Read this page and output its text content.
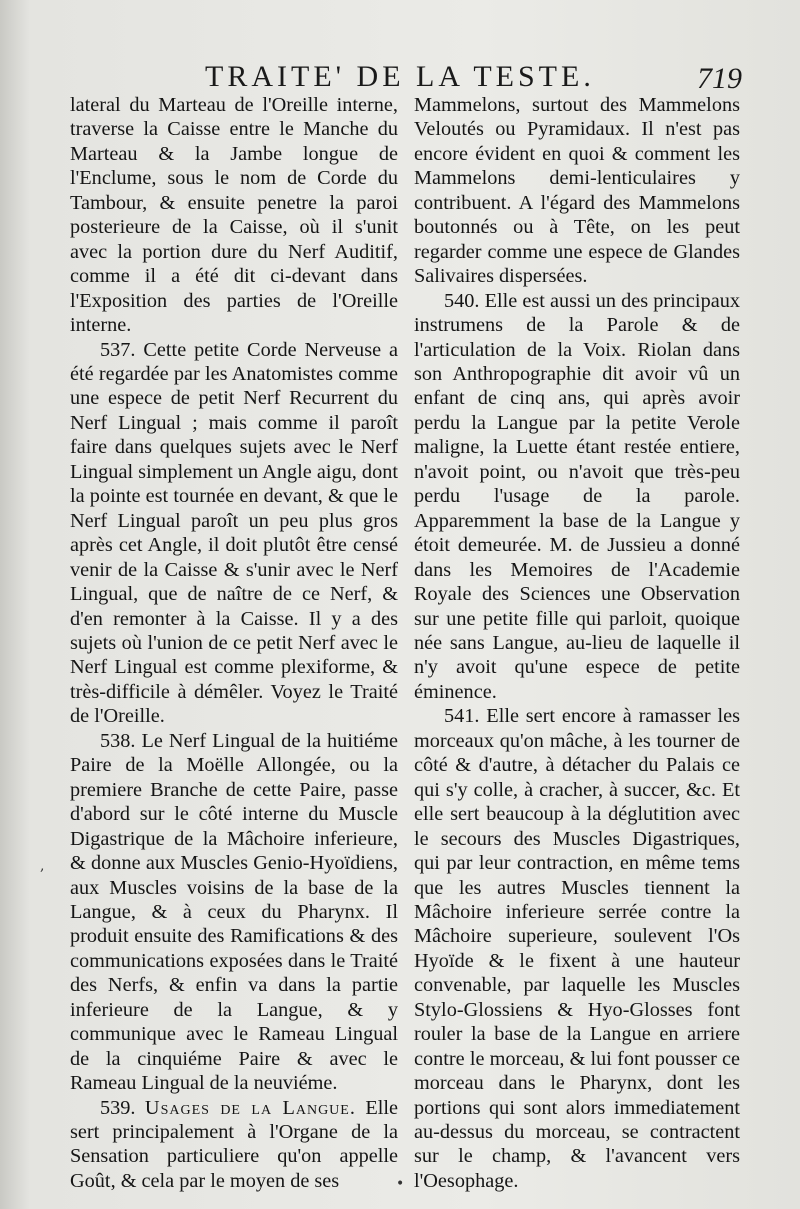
TRAITE' DE LA TESTE.	719

lateral du Marteau de l'Oreille interne, traverse la Caisse entre le Manche du Marteau & la Jambe longue de l'Enclume, sous le nom de Corde du Tambour, & ensuite penetre la paroi posterieure de la Caisse, où il s'unit avec la portion dure du Nerf Auditif, comme il a été dit ci-devant dans l'Exposition des parties de l'Oreille interne.

537. Cette petite Corde Nerveuse a été regardée par les Anatomistes comme une espece de petit Nerf Recurrent du Nerf Lingual ; mais comme il paroît faire dans quelques sujets avec le Nerf Lingual simplement un Angle aigu, dont la pointe est tournée en devant, & que le Nerf Lingual paroît un peu plus gros après cet Angle, il doit plutôt être censé venir de la Caisse & s'unir avec le Nerf Lingual, que de naître de ce Nerf, & d'en remonter à la Caisse. Il y a des sujets où l'union de ce petit Nerf avec le Nerf Lingual est comme plexiforme, & très-difficile à démêler. Voyez le Traité de l'Oreille.

538. Le Nerf Lingual de la huitiéme Paire de la Moëlle Allongée, ou la premiere Branche de cette Paire, passe d'abord sur le côté interne du Muscle Digastrique de la Mâchoire inferieure, & donne aux Muscles Genio-Hyoïdiens, aux Muscles voisins de la base de la Langue, & à ceux du Pharynx. Il produit ensuite des Ramifications & des communications exposées dans le Traité des Nerfs, & enfin va dans la partie inferieure de la Langue, & y communique avec le Rameau Lingual de la cinquiéme Paire & avec le Rameau Lingual de la neuviéme.

539. Usages de la Langue. Elle sert principalement à l'Organe de la Sensation particuliere qu'on appelle Goût, & cela par le moyen de ses

Mammelons, surtout des Mammelons Veloutés ou Pyramidaux. Il n'est pas encore évident en quoi & comment les Mammelons demi-lenticulaires y contribuent. A l'égard des Mammelons boutonnés ou à Tête, on les peut regarder comme une espece de Glandes Salivaires dispersées.

540. Elle est aussi un des principaux instrumens de la Parole & de l'articulation de la Voix. Riolan dans son Anthropographie dit avoir vû un enfant de cinq ans, qui après avoir perdu la Langue par la petite Verole maligne, la Luette étant restée entiere, n'avoit point, ou n'avoit que très-peu perdu l'usage de la parole. Apparemment la base de la Langue y étoit demeurée. M. de Jussieu a donné dans les Memoires de l'Academie Royale des Sciences une Observation sur une petite fille qui parloit, quoique née sans Langue, au-lieu de laquelle il n'y avoit qu'une espece de petite éminence.

541. Elle sert encore à ramasser les morceaux qu'on mâche, à les tourner de côté & d'autre, à détacher du Palais ce qui s'y colle, à cracher, à succer, &c. Et elle sert beaucoup à la déglutition avec le secours des Muscles Digastriques, qui par leur contraction, en même tems que les autres Muscles tiennent la Mâchoire inferieure serrée contre la Mâchoire superieure, soulevent l'Os Hyoïde & le fixent à une hauteur convenable, par laquelle les Muscles Stylo-Glossiens & Hyo-Glosses font rouler la base de la Langue en arriere contre le morceau, & lui font pousser ce morceau dans le Pharynx, dont les portions qui sont alors immediatement au-dessus du morceau, se contractent sur le champ, & l'avancent vers l'Oesophage.

,
•
